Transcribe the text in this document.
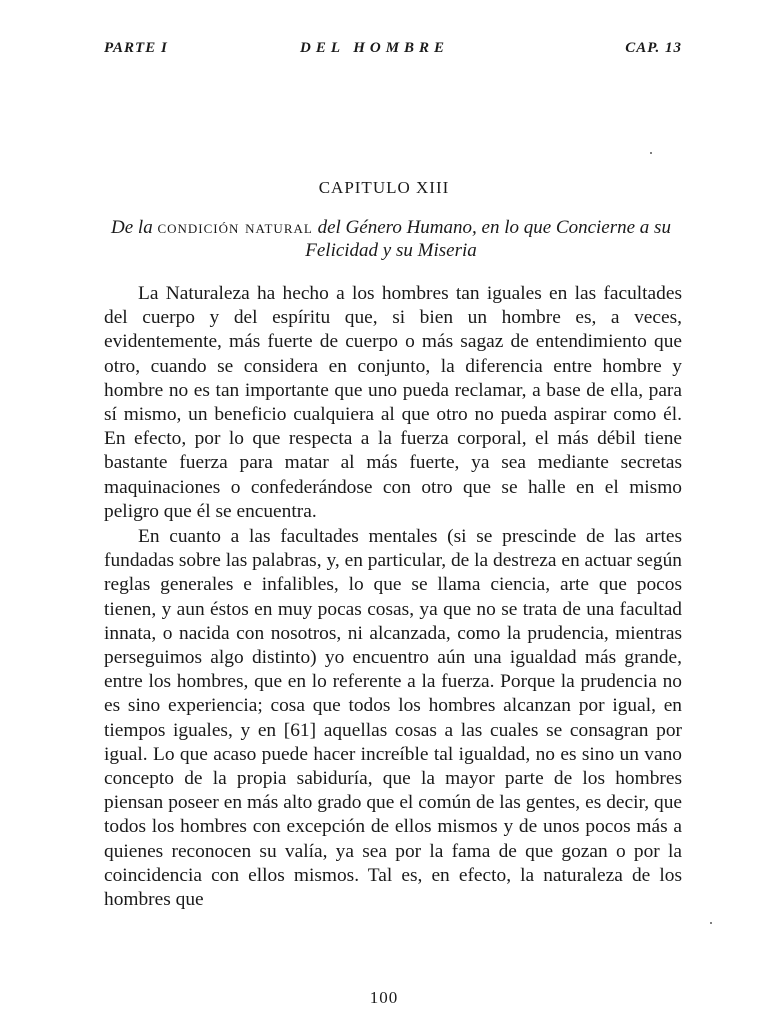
PARTE I	DEL HOMBRE	CAP. 13
CAPITULO XIII
De la condición natural del Género Humano, en lo que Concierne a su Felicidad y su Miseria

La Naturaleza ha hecho a los hombres tan iguales en las facultades del cuerpo y del espíritu que, si bien un hombre es, a veces, evidentemente, más fuerte de cuerpo o más sagaz de entendimiento que otro, cuando se considera en conjunto, la diferencia entre hombre y hombre no es tan importante que uno pueda reclamar, a base de ella, para sí mismo, un beneficio cualquiera al que otro no pueda aspirar como él. En efecto, por lo que respecta a la fuerza corporal, el más débil tiene bastante fuerza para matar al más fuerte, ya sea mediante secretas maquinaciones o confederándose con otro que se halle en el mismo peligro que él se encuentra.

En cuanto a las facultades mentales (si se prescinde de las artes fundadas sobre las palabras, y, en particular, de la destreza en actuar según reglas generales e infalibles, lo que se llama ciencia, arte que pocos tienen, y aun éstos en muy pocas cosas, ya que no se trata de una facultad innata, o nacida con nosotros, ni alcanzada, como la prudencia, mientras perseguimos algo distinto) yo encuentro aún una igualdad más grande, entre los hombres, que en lo referente a la fuerza. Porque la prudencia no es sino experiencia; cosa que todos los hombres alcanzan por igual, en tiempos iguales, y en [61] aquellas cosas a las cuales se consagran por igual. Lo que acaso puede hacer increíble tal igualdad, no es sino un vano concepto de la propia sabiduría, que la mayor parte de los hombres piensan poseer en más alto grado que el común de las gentes, es decir, que todos los hombres con excepción de ellos mismos y de unos pocos más a quienes reconocen su valía, ya sea por la fama de que gozan o por la coincidencia con ellos mismos. Tal es, en efecto, la naturaleza de los hombres que

100
